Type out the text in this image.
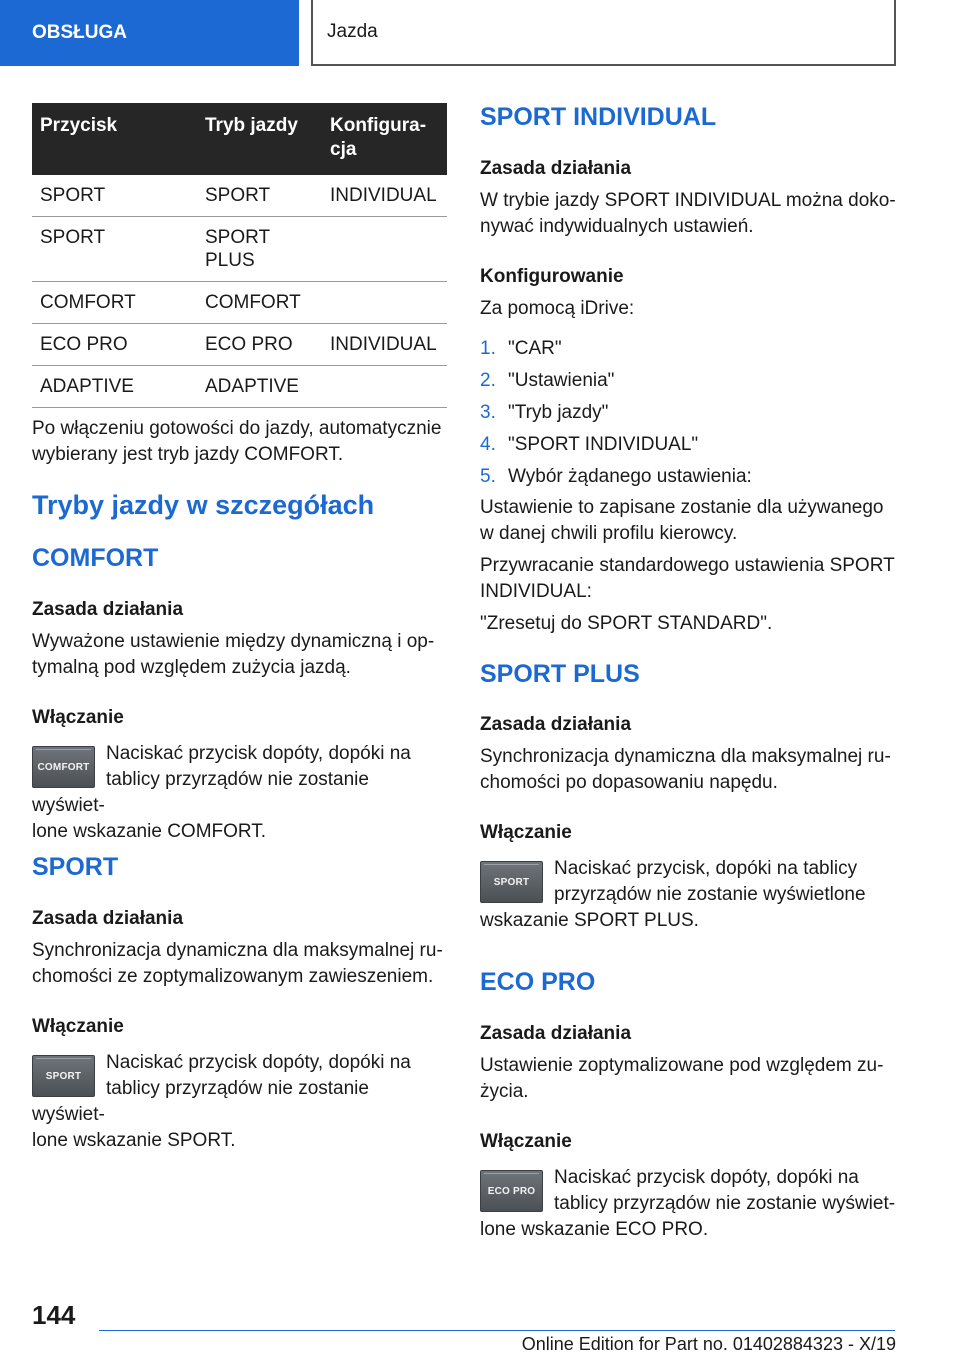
OBSŁUGA	Jazda
Przycisk	Tryb jazdy	Konfigura-
cja
SPORT	SPORT	INDIVIDUAL
SPORT	SPORT
PLUS	
COMFORT	COMFORT	
ECO PRO	ECO PRO	INDIVIDUAL
ADAPTIVE	ADAPTIVE	

Po włączeniu gotowości do jazdy, automatycznie wybierany jest tryb jazdy COMFORT.

Tryby jazdy w szczegółach
COMFORT
Zasada działania

Wyważone ustawienie między dynamiczną i op-
tymalną pod względem zużycia jazdą.

Włączanie
COMFORT

Naciskać przycisk dopóty, dopóki na
tablicy przyrządów nie zostanie wyświet-
lone wskazanie COMFORT.

SPORT
Zasada działania

Synchronizacja dynamiczna dla maksymalnej ru-
chomości ze zoptymalizowanym zawieszeniem.

Włączanie
SPORT

Naciskać przycisk dopóty, dopóki na
tablicy przyrządów nie zostanie wyświet-
lone wskazanie SPORT.

SPORT INDIVIDUAL
Zasada działania

W trybie jazdy SPORT INDIVIDUAL można doko-
nywać indywidualnych ustawień.

Konfigurowanie

Za pomocą iDrive:

1. "CAR"
2. "Ustawienia"
3. "Tryb jazdy"
4. "SPORT INDIVIDUAL"
5. Wybór żądanego ustawienia:

Ustawienie to zapisane zostanie dla używanego w danej chwili profilu kierowcy.

Przywracanie standardowego ustawienia SPORT INDIVIDUAL:

"Zresetuj do SPORT STANDARD".

SPORT PLUS
Zasada działania

Synchronizacja dynamiczna dla maksymalnej ru-
chomości po dopasowaniu napędu.

Włączanie
SPORT

Naciskać przycisk, dopóki na tablicy
przyrządów nie zostanie wyświetlone
wskazanie SPORT PLUS.

ECO PRO
Zasada działania

Ustawienie zoptymalizowane pod względem zu-
życia.

Włączanie
ECO PRO

Naciskać przycisk dopóty, dopóki na
tablicy przyrządów nie zostanie wyświet-
lone wskazanie ECO PRO.

144
Online Edition for Part no. 01402884323 - X/19
